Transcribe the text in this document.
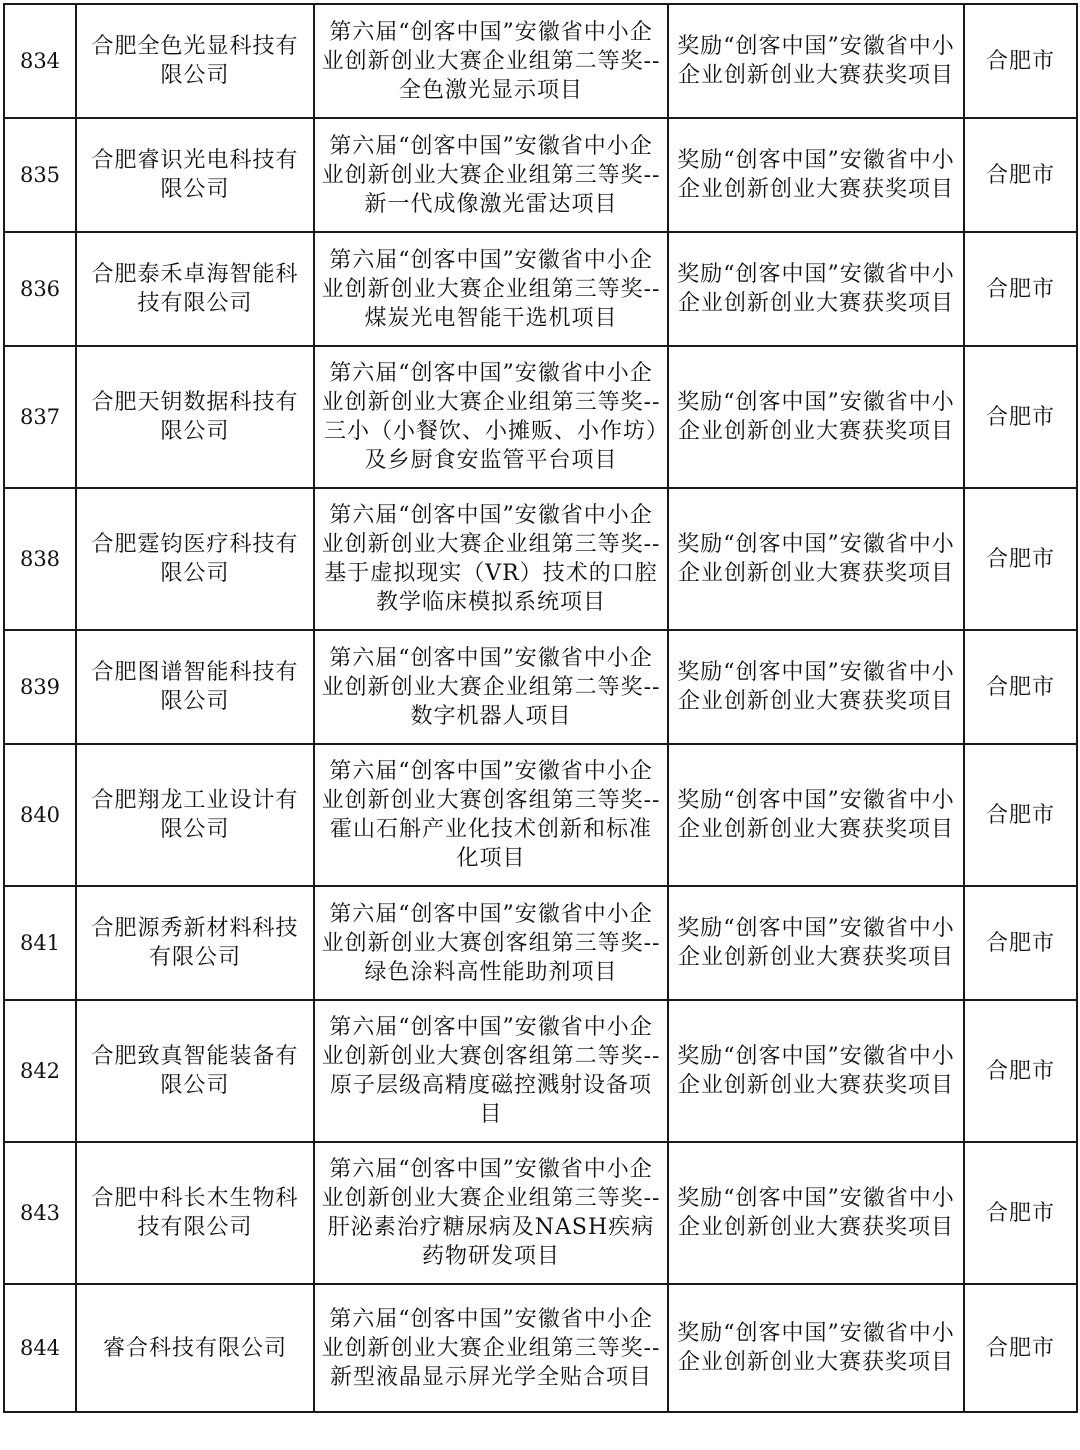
834	合肥全色光显科技有限公司	第六届“创客中国”安徽省中小企业创新创业大赛企业组第二等奖--全色激光显示项目	奖励“创客中国”安徽省中小企业创新创业大赛获奖项目	合肥市
835	合肥睿识光电科技有限公司	第六届“创客中国”安徽省中小企业创新创业大赛企业组第三等奖--新一代成像激光雷达项目	奖励“创客中国”安徽省中小企业创新创业大赛获奖项目	合肥市
836	合肥泰禾卓海智能科技有限公司	第六届“创客中国”安徽省中小企业创新创业大赛企业组第三等奖--煤炭光电智能干选机项目	奖励“创客中国”安徽省中小企业创新创业大赛获奖项目	合肥市
837	合肥天钥数据科技有限公司	第六届“创客中国”安徽省中小企业创新创业大赛企业组第三等奖--三小（小餐饮、小摊贩、小作坊）及乡厨食安监管平台项目	奖励“创客中国”安徽省中小企业创新创业大赛获奖项目	合肥市
838	合肥霆钧医疗科技有限公司	第六届“创客中国”安徽省中小企业创新创业大赛企业组第三等奖--基于虚拟现实（VR）技术的口腔教学临床模拟系统项目	奖励“创客中国”安徽省中小企业创新创业大赛获奖项目	合肥市
839	合肥图谱智能科技有限公司	第六届“创客中国”安徽省中小企业创新创业大赛企业组第二等奖--数字机器人项目	奖励“创客中国”安徽省中小企业创新创业大赛获奖项目	合肥市
840	合肥翔龙工业设计有限公司	第六届“创客中国”安徽省中小企业创新创业大赛创客组第三等奖--霍山石斛产业化技术创新和标准化项目	奖励“创客中国”安徽省中小企业创新创业大赛获奖项目	合肥市
841	合肥源秀新材料科技有限公司	第六届“创客中国”安徽省中小企业创新创业大赛创客组第三等奖--绿色涂料高性能助剂项目	奖励“创客中国”安徽省中小企业创新创业大赛获奖项目	合肥市
842	合肥致真智能装备有限公司	第六届“创客中国”安徽省中小企业创新创业大赛创客组第二等奖--原子层级高精度磁控溅射设备项目	奖励“创客中国”安徽省中小企业创新创业大赛获奖项目	合肥市
843	合肥中科长木生物科技有限公司	第六届“创客中国”安徽省中小企业创新创业大赛企业组第三等奖--肝泌素治疗糖尿病及NASH疾病药物研发项目	奖励“创客中国”安徽省中小企业创新创业大赛获奖项目	合肥市
844	睿合科技有限公司	第六届“创客中国”安徽省中小企业创新创业大赛企业组第三等奖--新型液晶显示屏光学全贴合项目	奖励“创客中国”安徽省中小企业创新创业大赛获奖项目	合肥市
